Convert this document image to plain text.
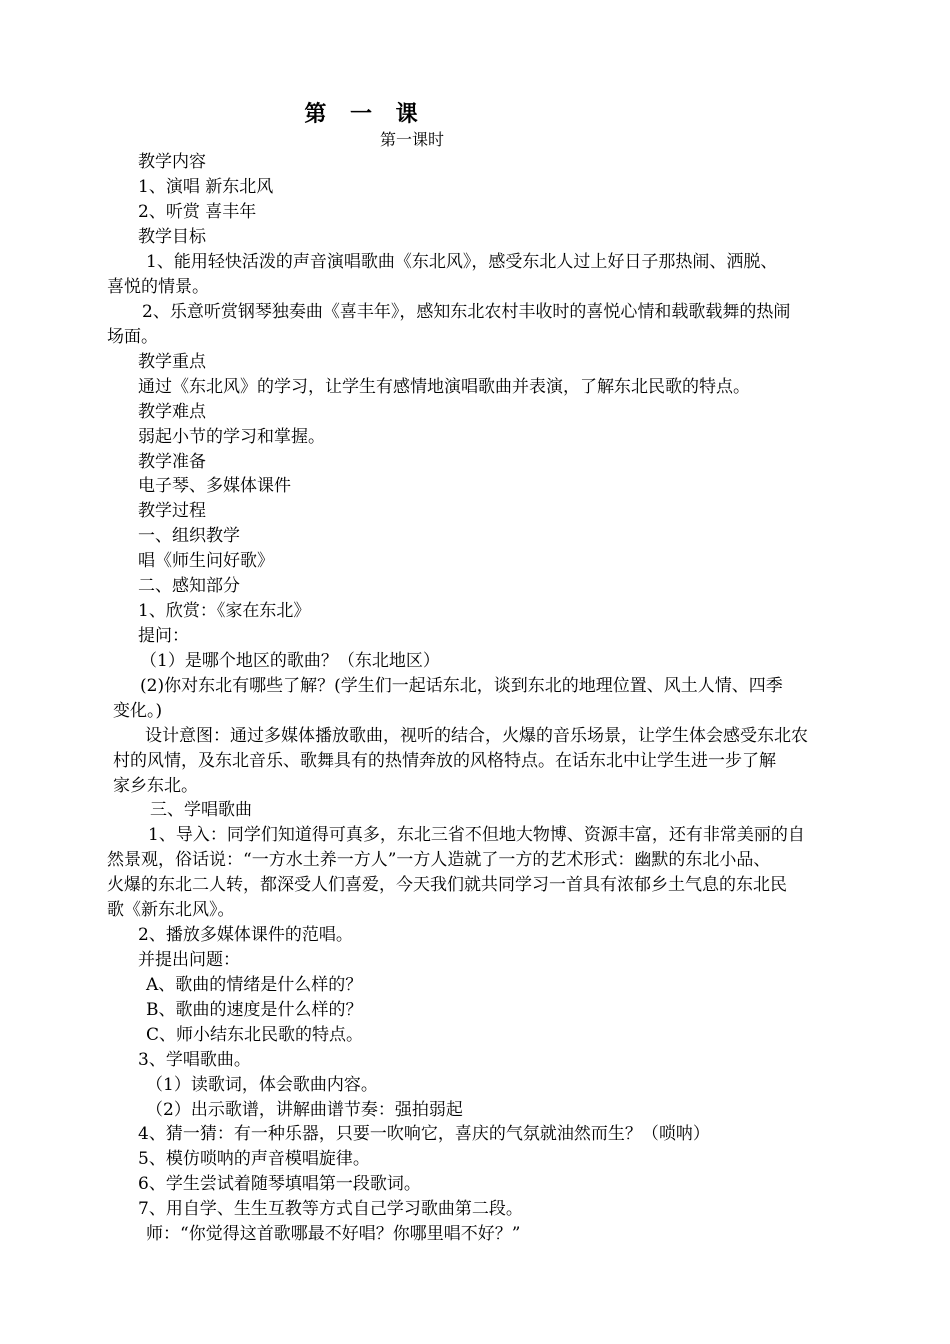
第 一 课
第一课时
教学内容
1、演唱 新东北风
2、听赏 喜丰年
教学目标
1、能用轻快活泼的声音演唱歌曲《东北风》，感受东北人过上好日子那热闹、洒脱、
喜悦的情景。
2、乐意听赏钢琴独奏曲《喜丰年》，感知东北农村丰收时的喜悦心情和载歌载舞的热闹
场面。
教学重点
通过《东北风》的学习，让学生有感情地演唱歌曲并表演，了解东北民歌的特点。
教学难点
弱起小节的学习和掌握。
教学准备
电子琴、多媒体课件
教学过程
一、组织教学
唱《师生问好歌》
二、感知部分
1、欣赏：《家在东北》
提问：
（1）是哪个地区的歌曲？（东北地区）
(2)你对东北有哪些了解？(学生们一起话东北，谈到东北的地理位置、风土人情、四季
变化。)
设计意图：通过多媒体播放歌曲，视听的结合，火爆的音乐场景，让学生体会感受东北农
村的风情，及东北音乐、歌舞具有的热情奔放的风格特点。在话东北中让学生进一步了解
家乡东北。
三、学唱歌曲
1、导入：同学们知道得可真多，东北三省不但地大物博、资源丰富，还有非常美丽的自
然景观，俗话说：“一方水土养一方人”一方人造就了一方的艺术形式：幽默的东北小品、
火爆的东北二人转，都深受人们喜爱，今天我们就共同学习一首具有浓郁乡土气息的东北民
歌《新东北风》。
2、播放多媒体课件的范唱。
并提出问题：
A、歌曲的情绪是什么样的？
B、歌曲的速度是什么样的？
C、师小结东北民歌的特点。
3、学唱歌曲。
（1）读歌词，体会歌曲内容。
（2）出示歌谱，讲解曲谱节奏：强拍弱起
4、猜一猜：有一种乐器，只要一吹响它，喜庆的气氛就油然而生？（唢呐）
5、模仿唢呐的声音模唱旋律。
6、学生尝试着随琴填唱第一段歌词。
7、用自学、生生互教等方式自己学习歌曲第二段。
师：“你觉得这首歌哪最不好唱？你哪里唱不好？”
